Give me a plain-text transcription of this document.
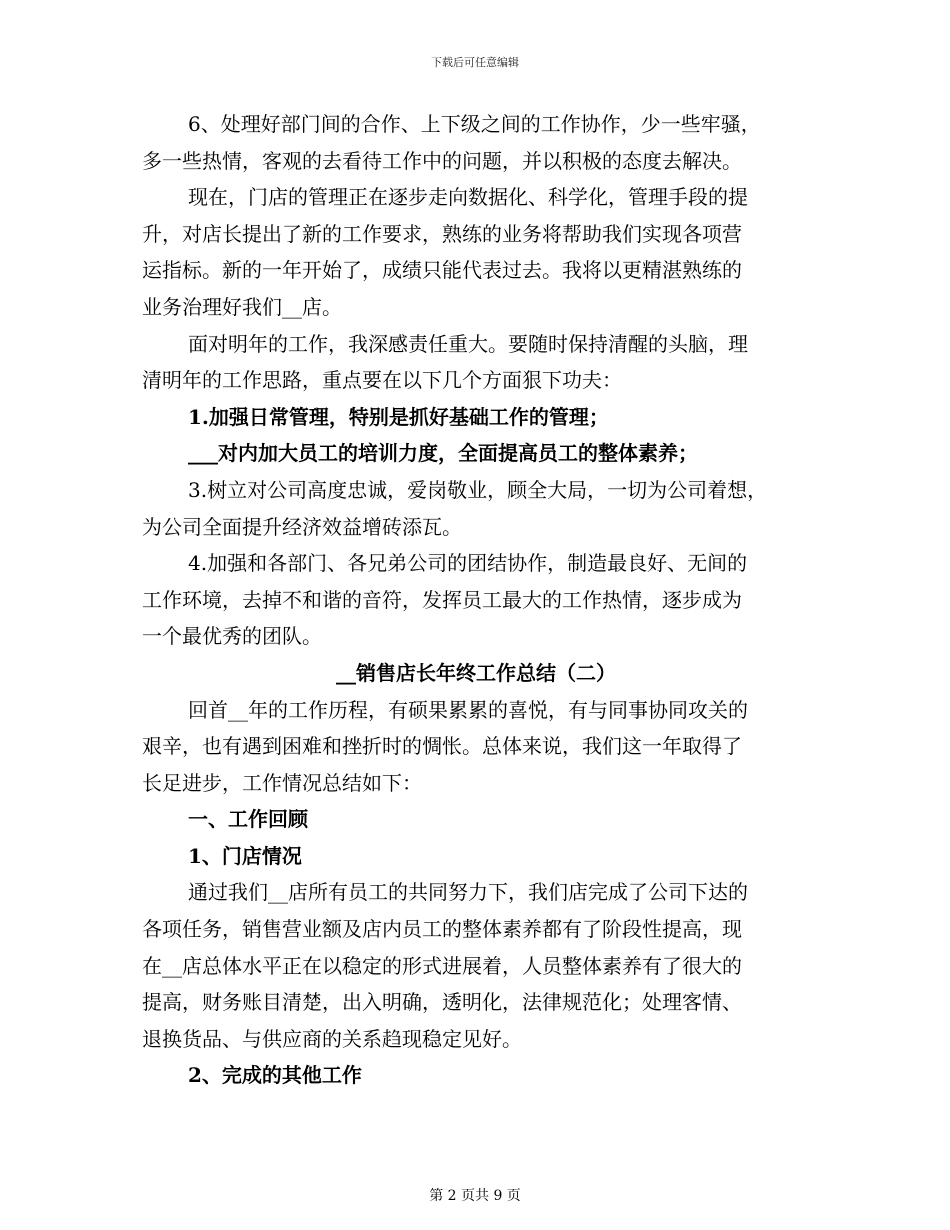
下载后可任意编辑
6、处理好部门间的合作、上下级之间的工作协作，少一些牢骚，
多一些热情，客观的去看待工作中的问题，并以积极的态度去解决。
现在，门店的管理正在逐步走向数据化、科学化，管理手段的提
升，对店长提出了新的工作要求，熟练的业务将帮助我们实现各项营
运指标。新的一年开始了，成绩只能代表过去。我将以更精湛熟练的
业务治理好我们__店。
面对明年的工作，我深感责任重大。要随时保持清醒的头脑，理
清明年的工作思路，重点要在以下几个方面狠下功夫：
1.加强日常管理，特别是抓好基础工作的管理；
___对内加大员工的培训力度，全面提高员工的整体素养；
3.树立对公司高度忠诚，爱岗敬业，顾全大局，一切为公司着想，
为公司全面提升经济效益增砖添瓦。
4.加强和各部门、各兄弟公司的团结协作，制造最良好、无间的
工作环境，去掉不和谐的音符，发挥员工最大的工作热情，逐步成为
一个最优秀的团队。
__销售店长年终工作总结（二）
回首__年的工作历程，有硕果累累的喜悦，有与同事协同攻关的
艰辛，也有遇到困难和挫折时的惆怅。总体来说，我们这一年取得了
长足进步，工作情况总结如下：
一、工作回顾
1、门店情况
通过我们__店所有员工的共同努力下，我们店完成了公司下达的
各项任务，销售营业额及店内员工的整体素养都有了阶段性提高，现
在__店总体水平正在以稳定的形式进展着，人员整体素养有了很大的
提高，财务账目清楚，出入明确，透明化，法律规范化；处理客情、
退换货品、与供应商的关系趋现稳定见好。
2、完成的其他工作
第 2 页共 9 页
